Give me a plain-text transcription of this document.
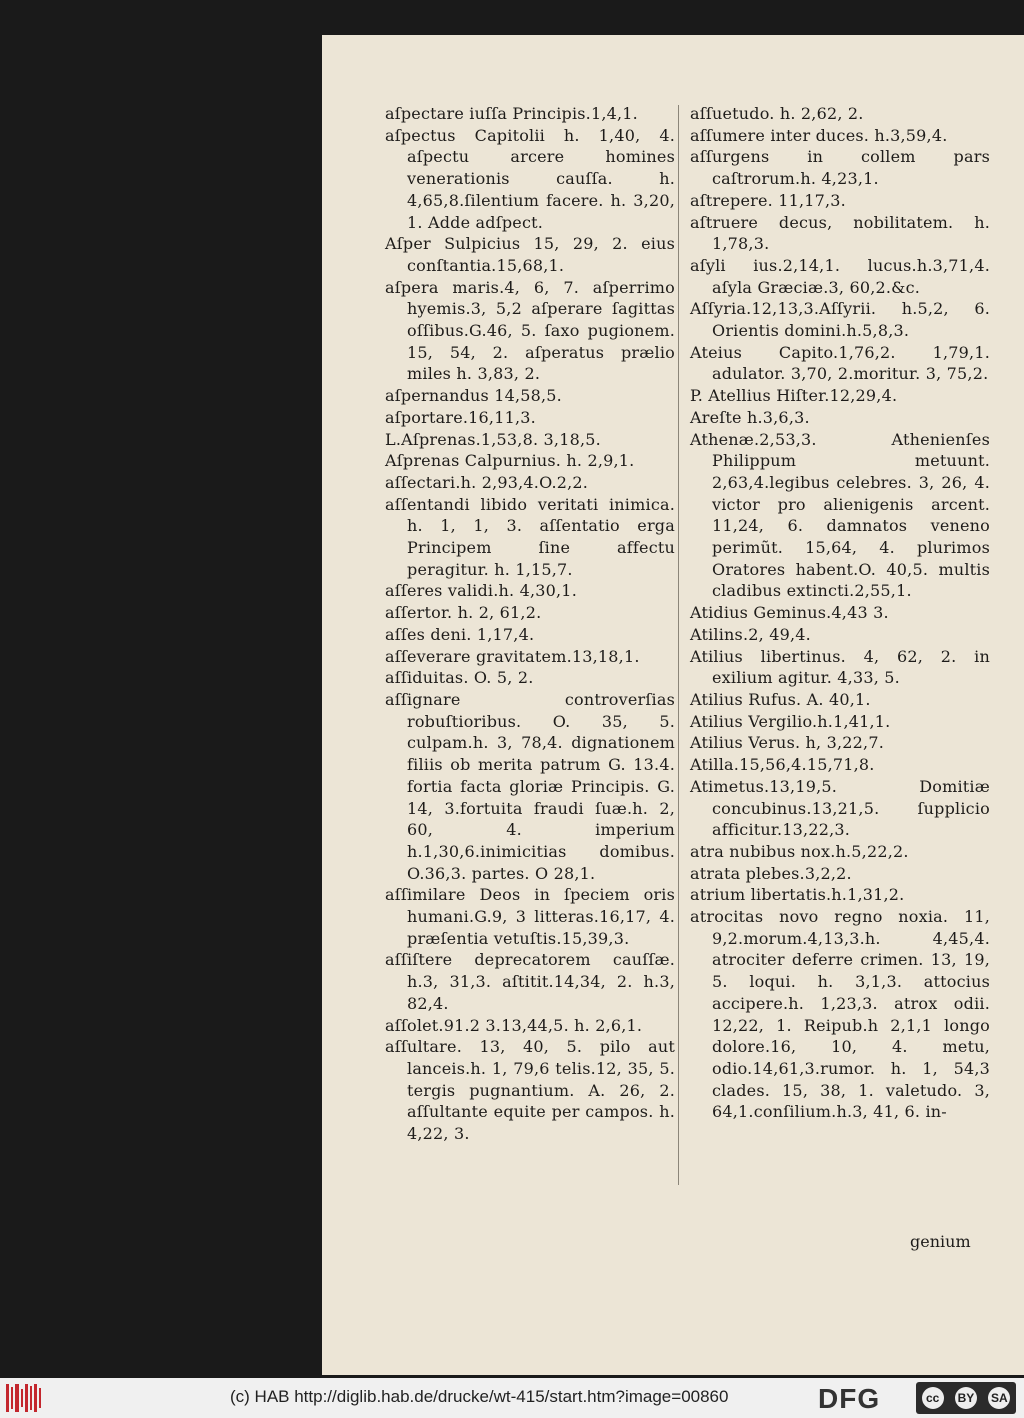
aſpectare iuſſa Principis.1,4,1.

aſpectus Capitolii h. 1,40, 4. aſpectu arcere homines venerationis cauſſa. h. 4,65,8.ſilentium facere. h. 3,20, 1. Adde adſpect.

Aſper Sulpicius 15, 29, 2. eius conſtantia.15,68,1.

aſpera maris.4, 6, 7. aſperrimo hyemis.3, 5,2 aſperare ſagittas oſſibus.G.46, 5. ſaxo pugionem. 15, 54, 2. aſperatus prælio miles h. 3,83, 2.

aſpernandus 14,58,5.

aſportare.16,11,3.

L.Aſprenas.1,53,8. 3,18,5.

Aſprenas Calpurnius. h. 2,9,1.

aſſectari.h. 2,93,4.O.2,2.

aſſentandi libido veritati inimica. h. 1, 1, 3. aſſentatio erga Principem ſine affectu peragitur. h. 1,15,7.

aſſeres validi.h. 4,30,1.

aſſertor. h. 2, 61,2.

aſſes deni. 1,17,4.

aſſeverare gravitatem.13,18,1.

aſſiduitas. O. 5, 2.

aſſignare controverſias robuſtioribus. O. 35, 5. culpam.h. 3, 78,4. dignationem filiis ob merita patrum G. 13.4. fortia facta gloriæ Principis. G. 14, 3.fortuita fraudi ſuæ.h. 2, 60, 4. imperium h.1,30,6.inimicitias domibus. O.36,3. partes. O 28,1.

aſſimilare Deos in ſpeciem oris humani.G.9, 3 litteras.16,17, 4. præſentia vetuſtis.15,39,3.

aſſiſtere deprecatorem cauſſæ. h.3, 31,3. aſtitit.14,34, 2. h.3, 82,4.

aſſolet.91.2 3.13,44,5. h. 2,6,1.

aſſultare. 13, 40, 5. pilo aut lanceis.h. 1, 79,6 telis.12, 35, 5. tergis pugnantium. A. 26, 2. aſſultante equite per campos. h. 4,22, 3.

aſſuetudo. h. 2,62, 2.

aſſumere inter duces. h.3,59,4.

aſſurgens in collem pars caſtrorum.h. 4,23,1.

aſtrepere. 11,17,3.

aſtruere decus, nobilitatem. h. 1,78,3.

aſyli ius.2,14,1. lucus.h.3,71,4. aſyla Græciæ.3, 60,2.&c.

Aſſyria.12,13,3.Aſſyrii. h.5,2, 6. Orientis domini.h.5,8,3.

Ateius Capito.1,76,2. 1,79,1. adulator. 3,70, 2.moritur. 3, 75,2.

P. Atellius Hiſter.12,29,4.

Areſte h.3,6,3.

Athenæ.2,53,3. Athenienſes Philippum metuunt. 2,63,4.legibus celebres. 3, 26, 4. victor pro alienigenis arcent. 11,24, 6. damnatos veneno perimũt. 15,64, 4. plurimos Oratores habent.O. 40,5. multis cladibus extincti.2,55,1.

Atidius Geminus.4,43 3.

Atilins.2, 49,4.

Atilius libertinus. 4, 62, 2. in exilium agitur. 4,33, 5.

Atilius Rufus. A. 40,1.

Atilius Vergilio.h.1,41,1.

Atilius Verus. h, 3,22,7.

Atilla.15,56,4.15,71,8.

Atimetus.13,19,5. Domitiæ concubinus.13,21,5. ſupplicio afficitur.13,22,3.

atra nubibus nox.h.5,22,2.

atrata plebes.3,2,2.

atrium libertatis.h.1,31,2.

atrocitas novo regno noxia. 11, 9,2.morum.4,13,3.h. 4,45,4. atrociter deferre crimen. 13, 19, 5. loqui. h. 3,1,3. attocius accipere.h. 1,23,3. atrox odii. 12,22, 1. Reipub.h 2,1,1 longo dolore.16, 10, 4. metu, odio.14,61,3.rumor. h. 1, 54,3 clades. 15, 38, 1. valetudo. 3, 64,1.conſilium.h.3, 41, 6. in-

genium
(c) HAB http://diglib.hab.de/drucke/wt-415/start.htm?image=00860	DFG	cc	BY SA
